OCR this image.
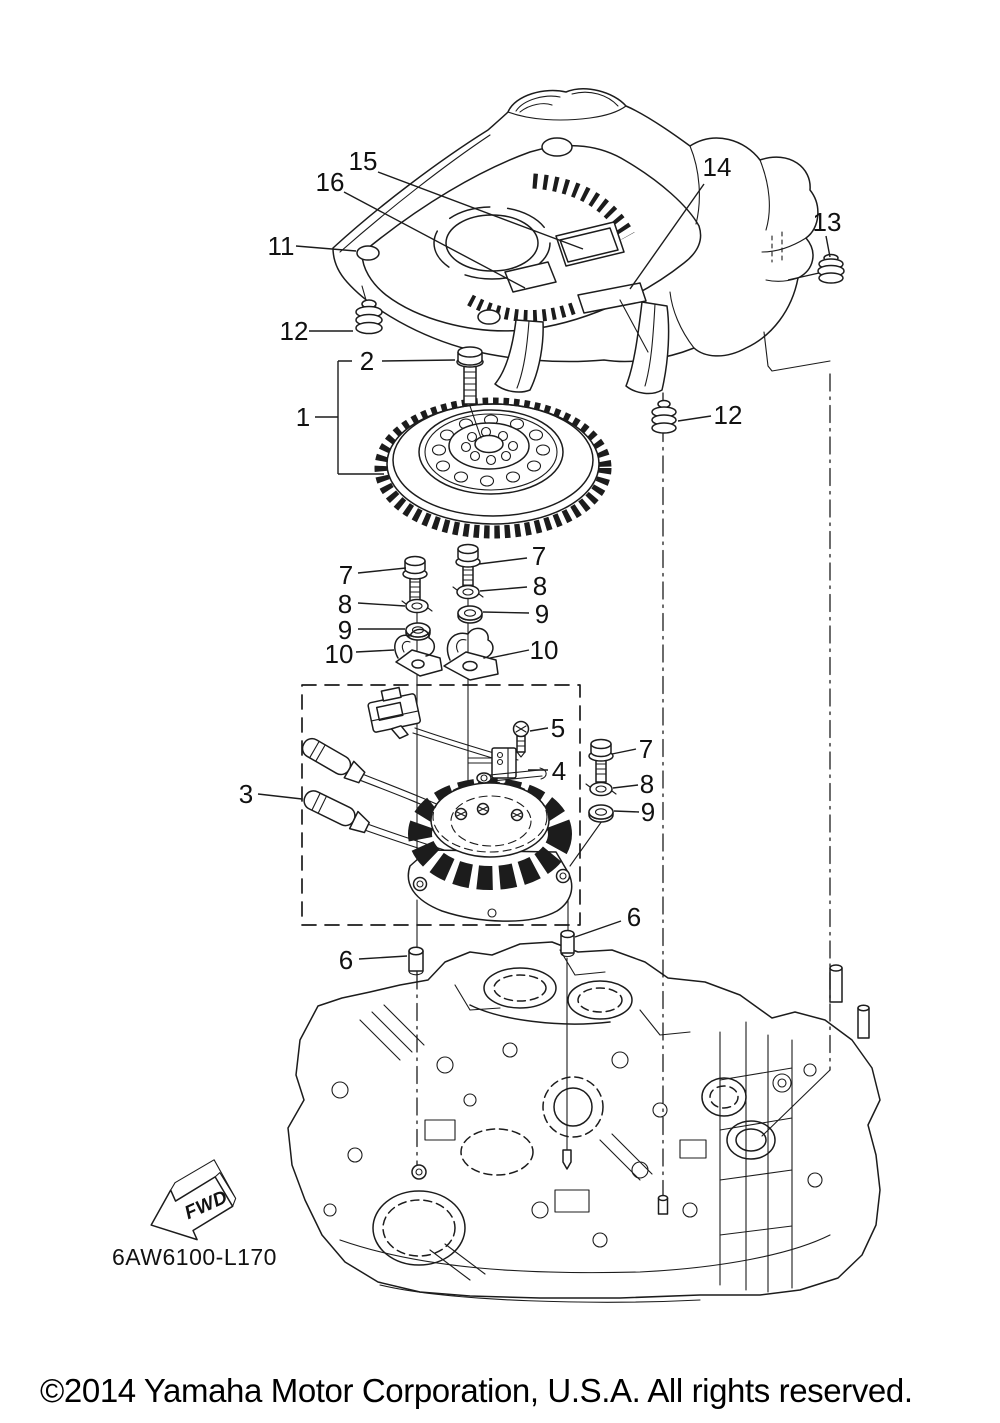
FWD
15
16	14
11
13
12
2
1	12
7
7
8
8
9
9
10	10
5
4
7
8
9
3
6
6
6AW6100-L170
©2014 Yamaha Motor Corporation, U.S.A. All rights reserved.
